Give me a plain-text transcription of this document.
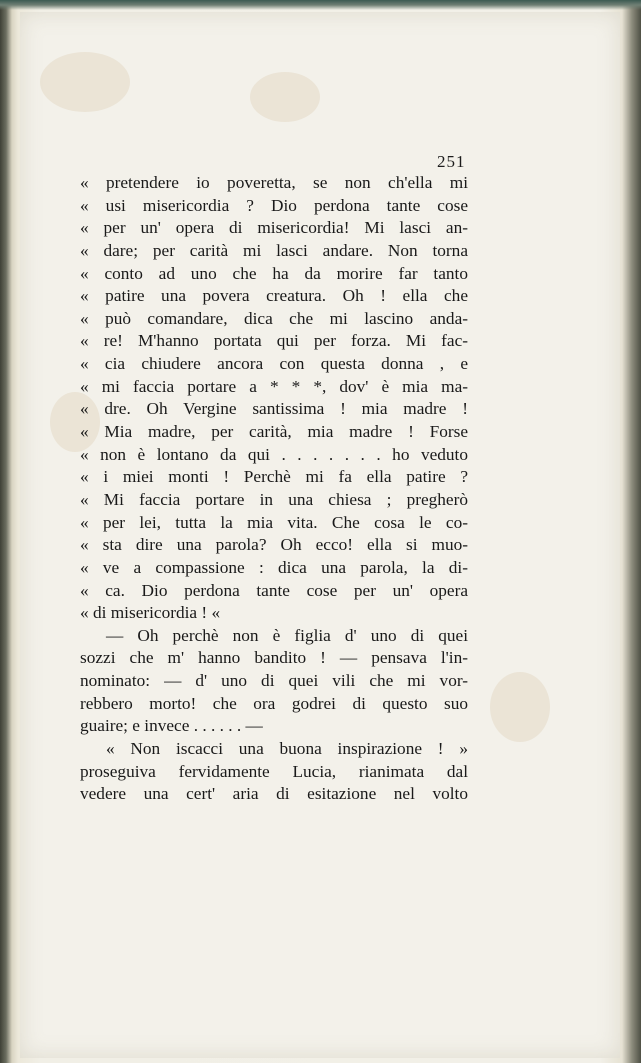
251
« pretendere io poveretta, se non ch'ella mi
« usi misericordia ? Dio perdona tante cose
« per un' opera di misericordia! Mi lasci an-
« dare; per carità mi lasci andare. Non torna
« conto ad uno che ha da morire far tanto
« patire una povera creatura. Oh ! ella che
« può comandare, dica che mi lascino anda-
« re! M'hanno portata qui per forza. Mi fac-
« cia chiudere ancora con questa donna , e
« mi faccia portare a * * *, dov' è mia ma-
« dre. Oh Vergine santissima ! mia madre !
« Mia madre, per carità, mia madre ! Forse
« non è lontano da qui . . . . . . . ho veduto
« i miei monti ! Perchè mi fa ella patire ?
« Mi faccia portare in una chiesa ; pregherò
« per lei, tutta la mia vita. Che cosa le co-
« sta dire una parola? Oh ecco! ella si muo-
« ve a compassione : dica una parola, la di-
« ca. Dio perdona tante cose per un' opera
« di misericordia ! «
— Oh perchè non è figlia d' uno di quei
sozzi che m' hanno bandito ! — pensava l'in-
nominato: — d' uno di quei vili che mi vor-
rebbero morto! che ora godrei di questo suo
guaire; e invece . . . . . . —
« Non iscacci una buona inspirazione ! »
proseguiva fervidamente Lucia, rianimata dal
vedere una cert' aria di esitazione nel volto
